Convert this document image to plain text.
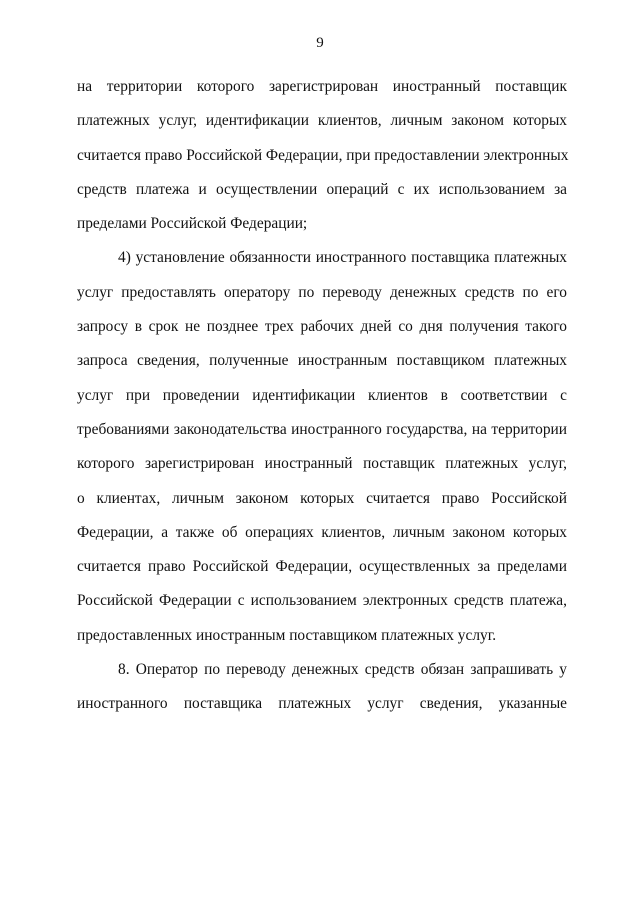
9

на территории которого зарегистрирован иностранный поставщик
платежных услуг, идентификации клиентов, личным законом которых
считается право Российской Федерации, при предоставлении электронных
средств платежа и осуществлении операций с их использованием за
пределами Российской Федерации;

4) установление обязанности иностранного поставщика платежных
услуг предоставлять оператору по переводу денежных средств по его
запросу в срок не позднее трех рабочих дней со дня получения такого
запроса сведения, полученные иностранным поставщиком платежных
услуг при проведении идентификации клиентов в соответствии с
требованиями законодательства иностранного государства, на территории
которого зарегистрирован иностранный поставщик платежных услуг,
о клиентах, личным законом которых считается право Российской
Федерации, а также об операциях клиентов, личным законом которых
считается право Российской Федерации, осуществленных за пределами
Российской Федерации с использованием электронных средств платежа,
предоставленных иностранным поставщиком платежных услуг.

8. Оператор по переводу денежных средств обязан запрашивать у
иностранного поставщика платежных услуг сведения, указанные
